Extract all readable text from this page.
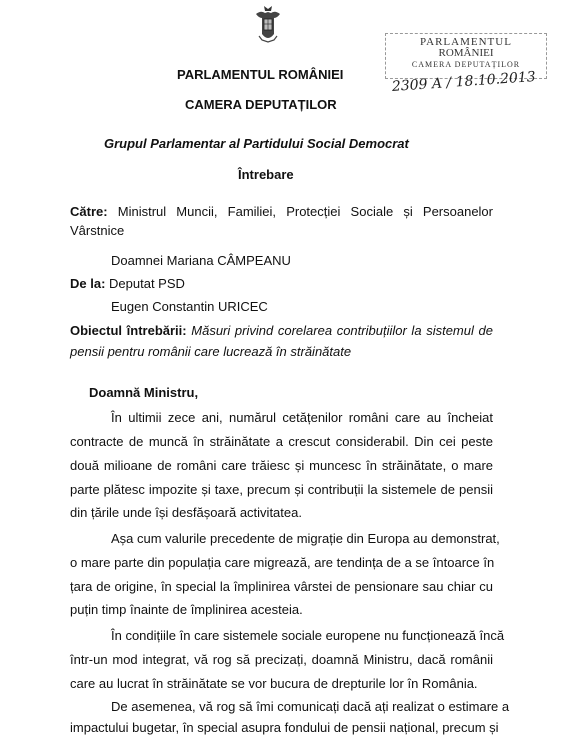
PARLAMENTUL
ROMÂNIEI
CAMERA DEPUTAȚILOR
2309 A / 18.10.2013
PARLAMENTUL ROMÂNIEI
CAMERA DEPUTAȚILOR
Grupul Parlamentar al Partidului Social Democrat
Întrebare
Către: Ministrul Muncii, Familiei, Protecției Sociale și Persoanelor
Vârstnice
Doamnei Mariana CÂMPEANU
De la: Deputat PSD
Eugen Constantin URICEC
Obiectul întrebării: Măsuri privind corelarea contribuțiilor la sistemul de
pensii pentru românii care lucrează în străinătate
Doamnă Ministru,
În ultimii zece ani, numărul cetățenilor români care au încheiat
contracte de muncă în străinătate a crescut considerabil. Din cei peste
două milioane de români care trăiesc și muncesc în străinătate, o mare
parte plătesc impozite și taxe, precum și contribuții la sistemele de pensii
din țările unde își desfășoară activitatea.
Așa cum valurile precedente de migrație din Europa au demonstrat,
o mare parte din populația care migrează, are tendința de a se întoarce în
țara de origine, în special la împlinirea vârstei de pensionare sau chiar cu
puțin timp înainte de împlinirea acesteia.
În condițiile în care sistemele sociale europene nu funcționează încă
într-un mod integrat, vă rog să precizați, doamnă Ministru, dacă românii
care au lucrat în străinătate se vor bucura de drepturile lor în România.
De asemenea, vă rog să îmi comunicați dacă ați realizat o estimare a
impactului bugetar, în special asupra fondului de pensii național, precum și
